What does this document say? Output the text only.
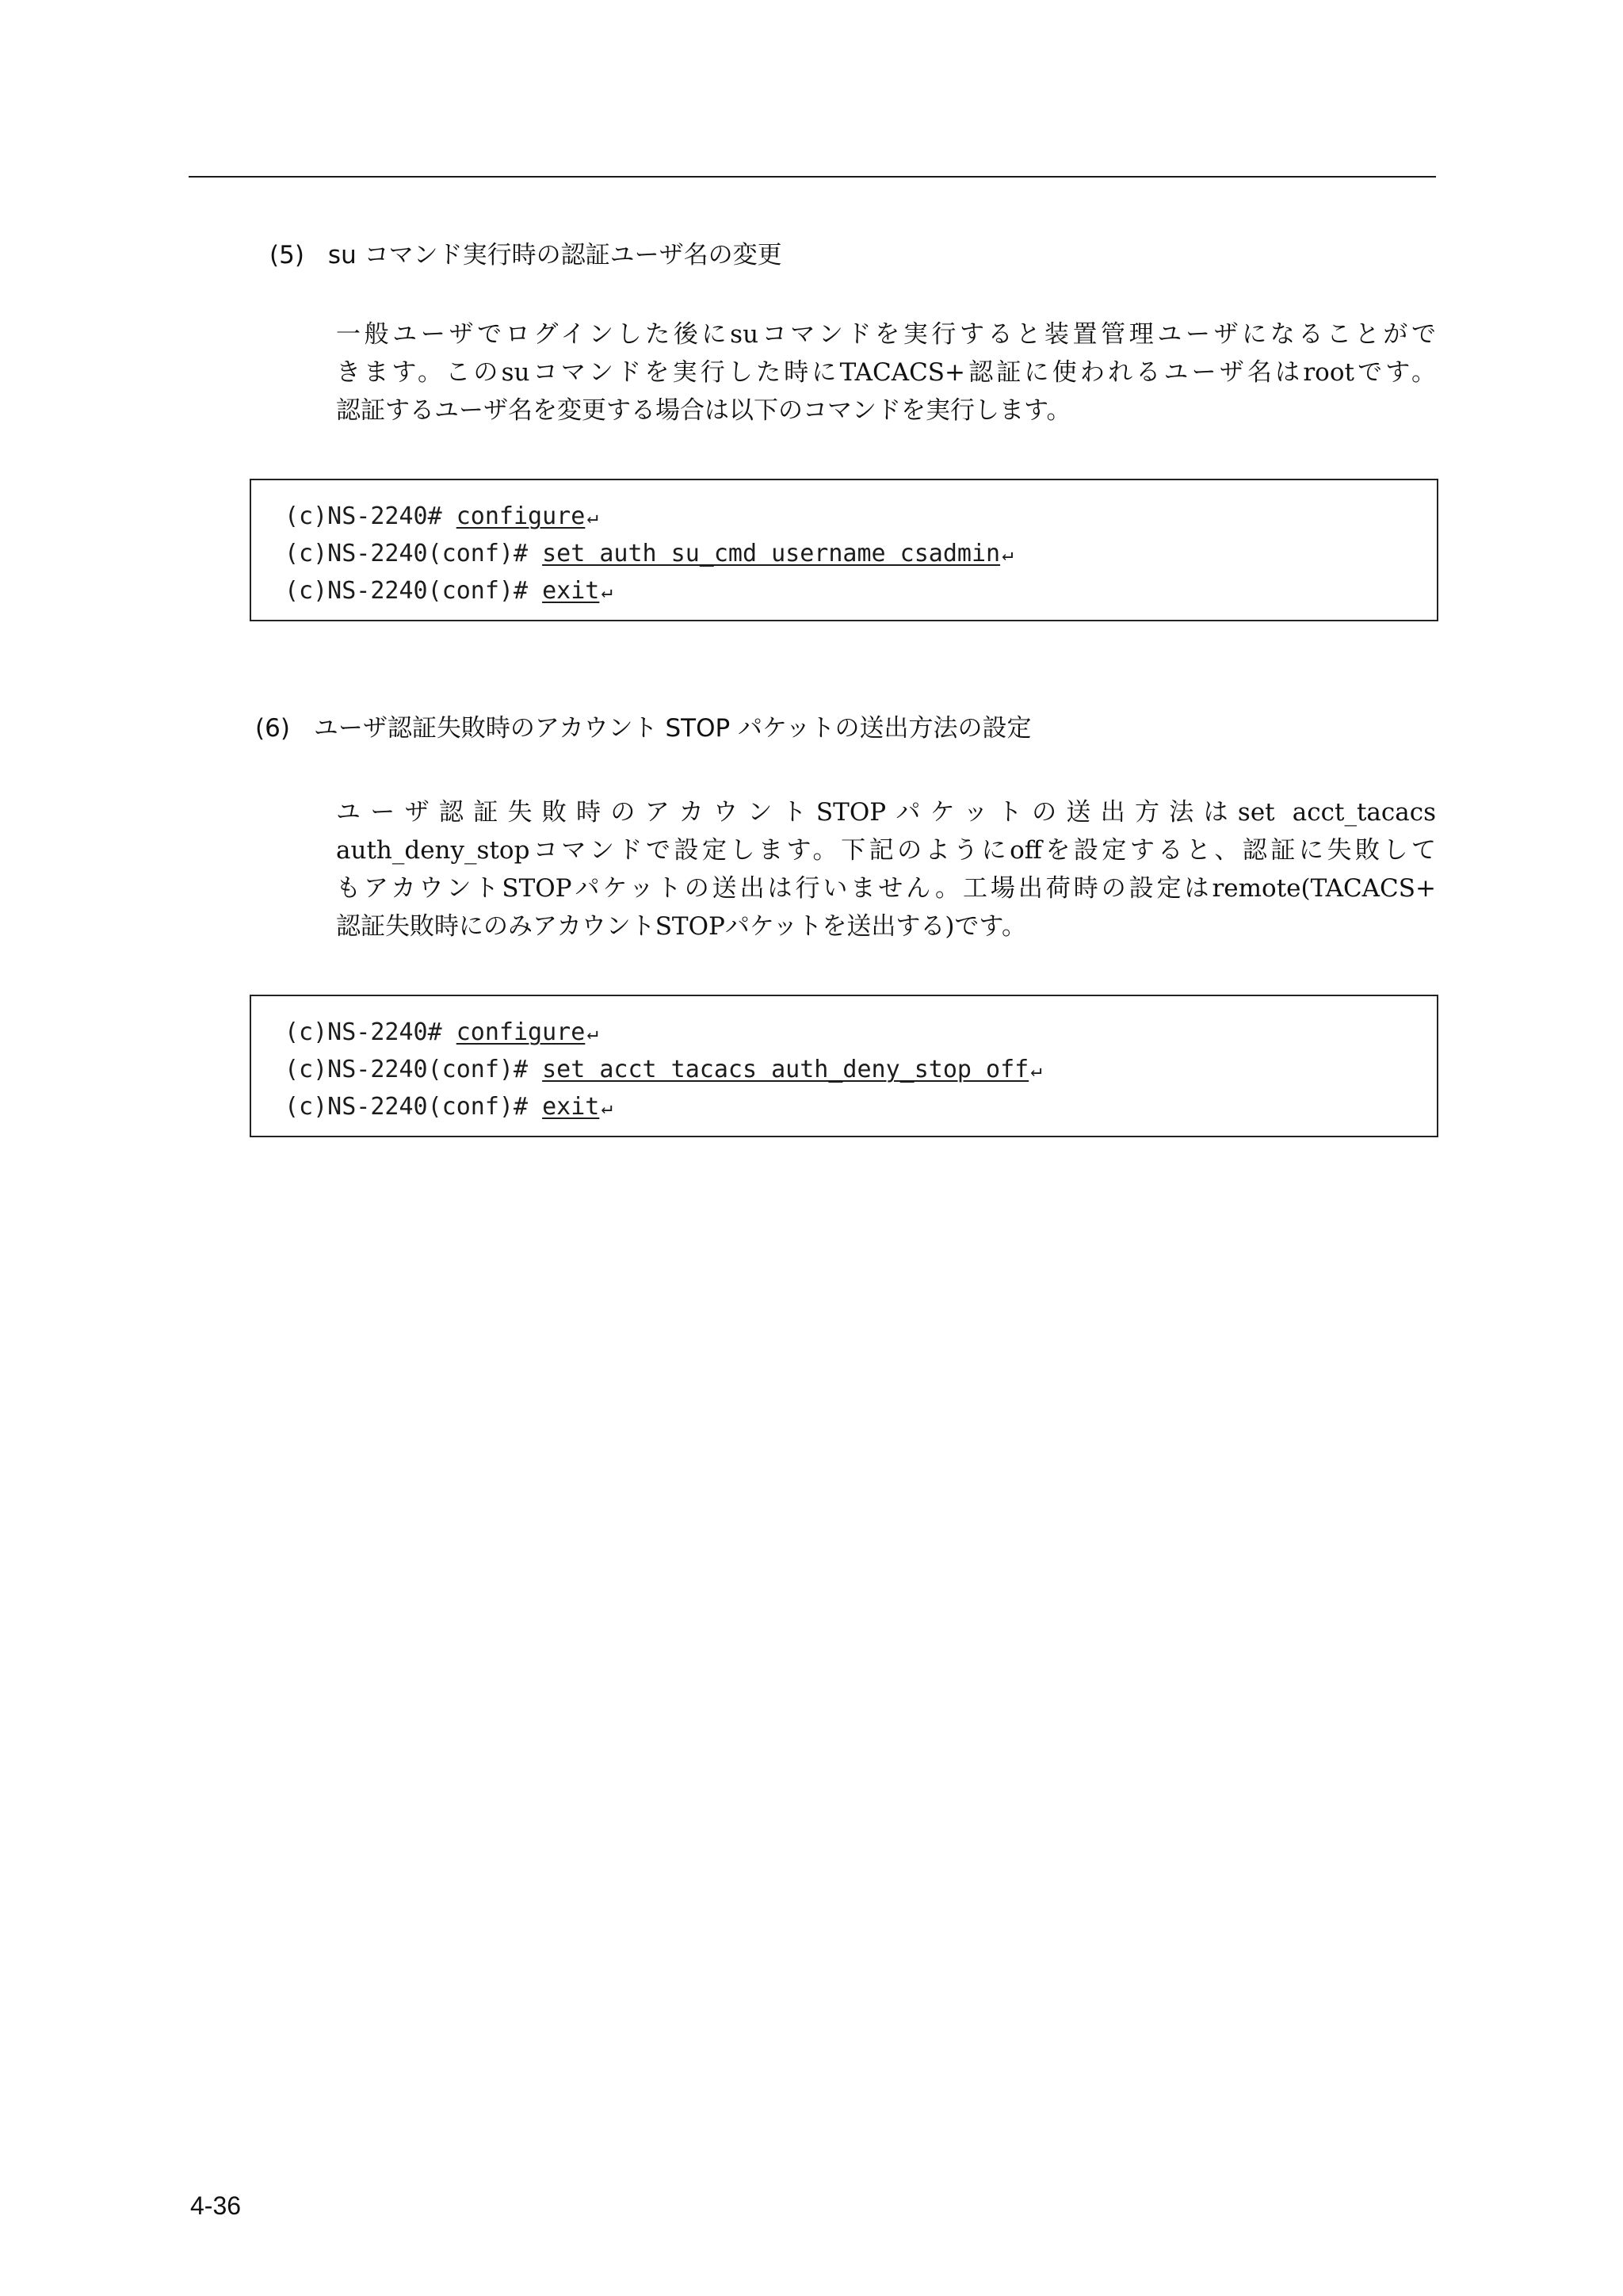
(5) su コマンド実行時の認証ユーザ名の変更

一般ユーザでログインした後にsuコマンドを実行すると装置管理ユーザになることがで

きます。このsuコマンドを実行した時にTACACS+認証に使われるユーザ名はrootです。

認証するユーザ名を変更する場合は以下のコマンドを実行します。

(c)NS-2240# configure↵
(c)NS-2240(conf)# set auth su_cmd username csadmin↵
(c)NS-2240(conf)# exit↵
(6) ユーザ認証失敗時のアカウント STOP パケットの送出方法の設定

ユーザ認証失敗時のアカウントSTOPパケットの送出方法はset acct_tacacs

auth_deny_stopコマンドで設定します。下記のようにoffを設定すると、認証に失敗して

もアカウントSTOPパケットの送出は行いません。工場出荷時の設定はremote(TACACS+

認証失敗時にのみアカウントSTOPパケットを送出する)です。

(c)NS-2240# configure↵
(c)NS-2240(conf)# set acct tacacs auth_deny_stop off↵
(c)NS-2240(conf)# exit↵
4-36
